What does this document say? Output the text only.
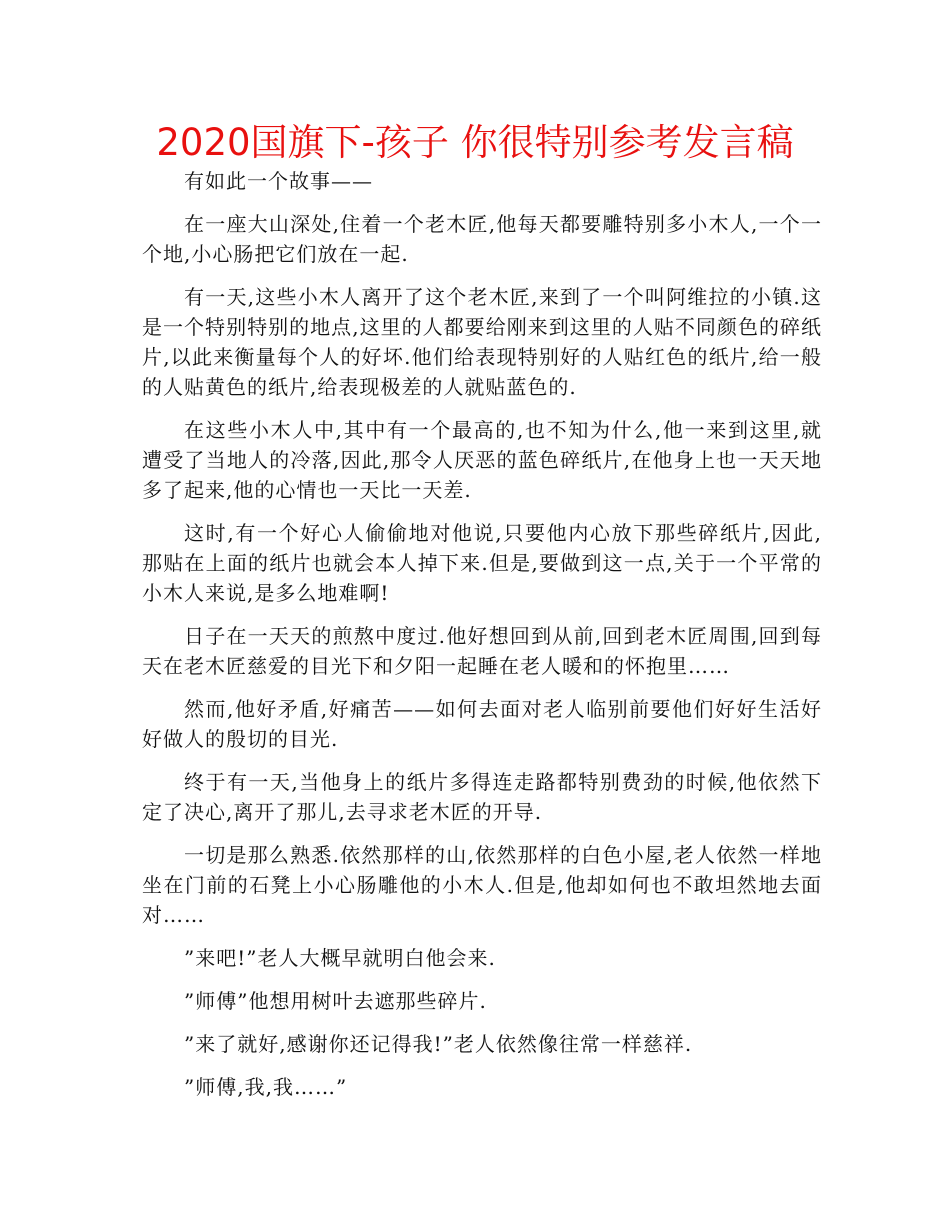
2020国旗下-孩子 你很特别参考发言稿

有如此一个故事——

在一座大山深处,住着一个老木匠,他每天都要雕特别多小木人,一个一个地,小心肠把它们放在一起.

有一天,这些小木人离开了这个老木匠,来到了一个叫阿维拉的小镇.这是一个特别特别的地点,这里的人都要给刚来到这里的人贴不同颜色的碎纸片,以此来衡量每个人的好坏.他们给表现特别好的人贴红色的纸片,给一般的人贴黄色的纸片,给表现极差的人就贴蓝色的.

在这些小木人中,其中有一个最高的,也不知为什么,他一来到这里,就遭受了当地人的冷落,因此,那令人厌恶的蓝色碎纸片,在他身上也一天天地多了起来,他的心情也一天比一天差.

这时,有一个好心人偷偷地对他说,只要他内心放下那些碎纸片,因此,那贴在上面的纸片也就会本人掉下来.但是,要做到这一点,关于一个平常的小木人来说,是多么地难啊!

日子在一天天的煎熬中度过.他好想回到从前,回到老木匠周围,回到每天在老木匠慈爱的目光下和夕阳一起睡在老人暖和的怀抱里……

然而,他好矛盾,好痛苦——如何去面对老人临别前要他们好好生活好好做人的殷切的目光.

终于有一天,当他身上的纸片多得连走路都特别费劲的时候,他依然下定了决心,离开了那儿,去寻求老木匠的开导.

一切是那么熟悉.依然那样的山,依然那样的白色小屋,老人依然一样地坐在门前的石凳上小心肠雕他的小木人.但是,他却如何也不敢坦然地去面对……

”来吧!”老人大概早就明白他会来.

”师傅”他想用树叶去遮那些碎片.

”来了就好,感谢你还记得我!”老人依然像往常一样慈祥.

”师傅,我,我……”
